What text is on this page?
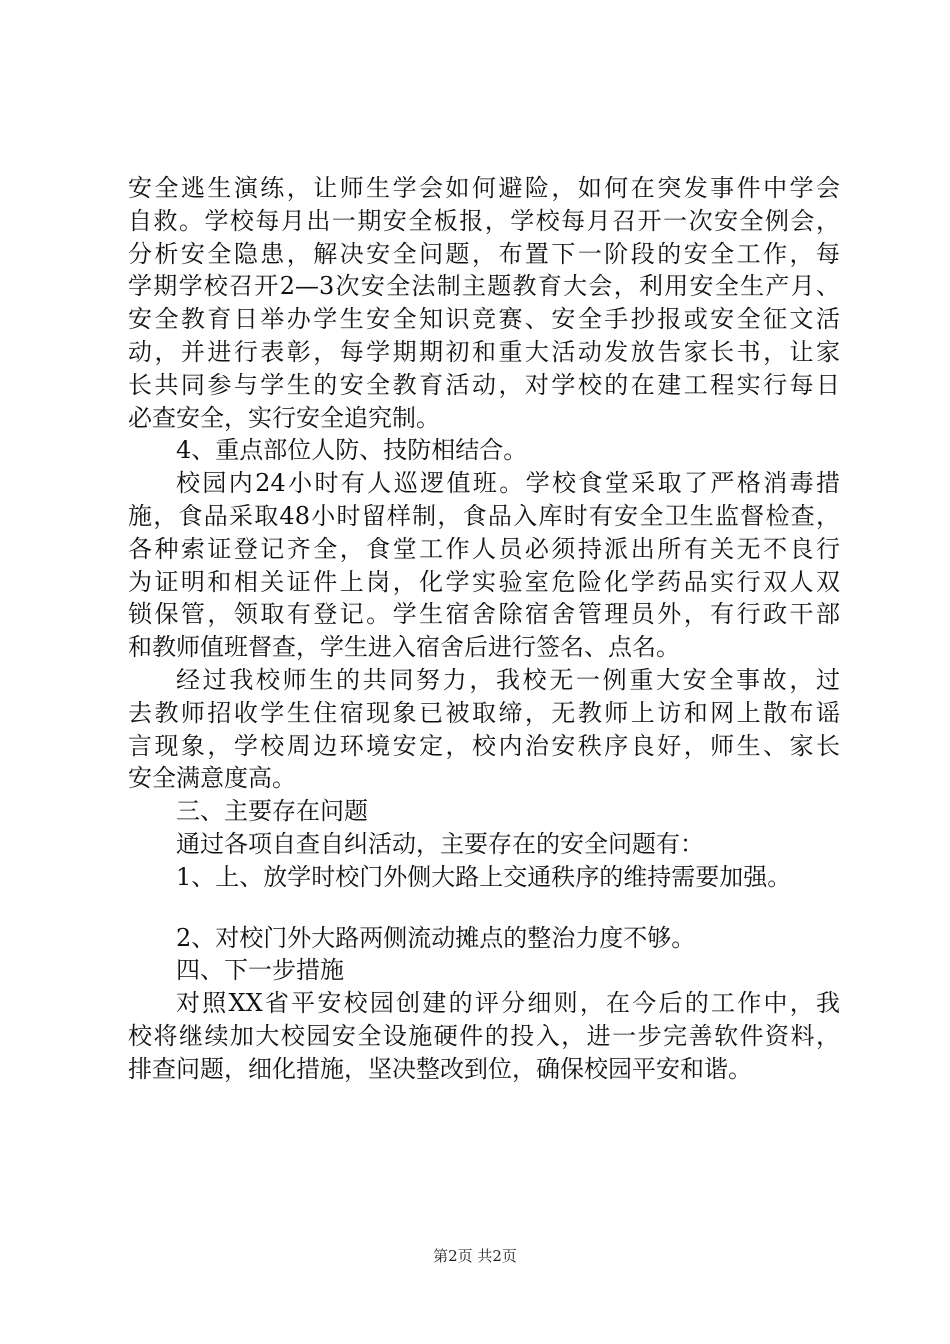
安全逃生演练，让师生学会如何避险，如何在突发事件中学会
自救。学校每月出一期安全板报，学校每月召开一次安全例会，
分析安全隐患，解决安全问题，布置下一阶段的安全工作，每
学期学校召开2—3次安全法制主题教育大会，利用安全生产月、
安全教育日举办学生安全知识竞赛、安全手抄报或安全征文活
动，并进行表彰，每学期期初和重大活动发放告家长书，让家
长共同参与学生的安全教育活动，对学校的在建工程实行每日
必查安全，实行安全追究制。
4、重点部位人防、技防相结合。
校园内24小时有人巡逻值班。学校食堂采取了严格消毒措
施，食品采取48小时留样制，食品入库时有安全卫生监督检查，
各种索证登记齐全，食堂工作人员必须持派出所有关无不良行
为证明和相关证件上岗，化学实验室危险化学药品实行双人双
锁保管，领取有登记。学生宿舍除宿舍管理员外，有行政干部
和教师值班督查，学生进入宿舍后进行签名、点名。
经过我校师生的共同努力，我校无一例重大安全事故，过
去教师招收学生住宿现象已被取缔，无教师上访和网上散布谣
言现象，学校周边环境安定，校内治安秩序良好，师生、家长
安全满意度高。
三、主要存在问题
通过各项自查自纠活动，主要存在的安全问题有：
1、上、放学时校门外侧大路上交通秩序的维持需要加强。
2、对校门外大路两侧流动摊点的整治力度不够。
四、下一步措施
对照XX省平安校园创建的评分细则，在今后的工作中，我
校将继续加大校园安全设施硬件的投入，进一步完善软件资料，
排查问题，细化措施，坚决整改到位，确保校园平安和谐。
第2页 共2页
